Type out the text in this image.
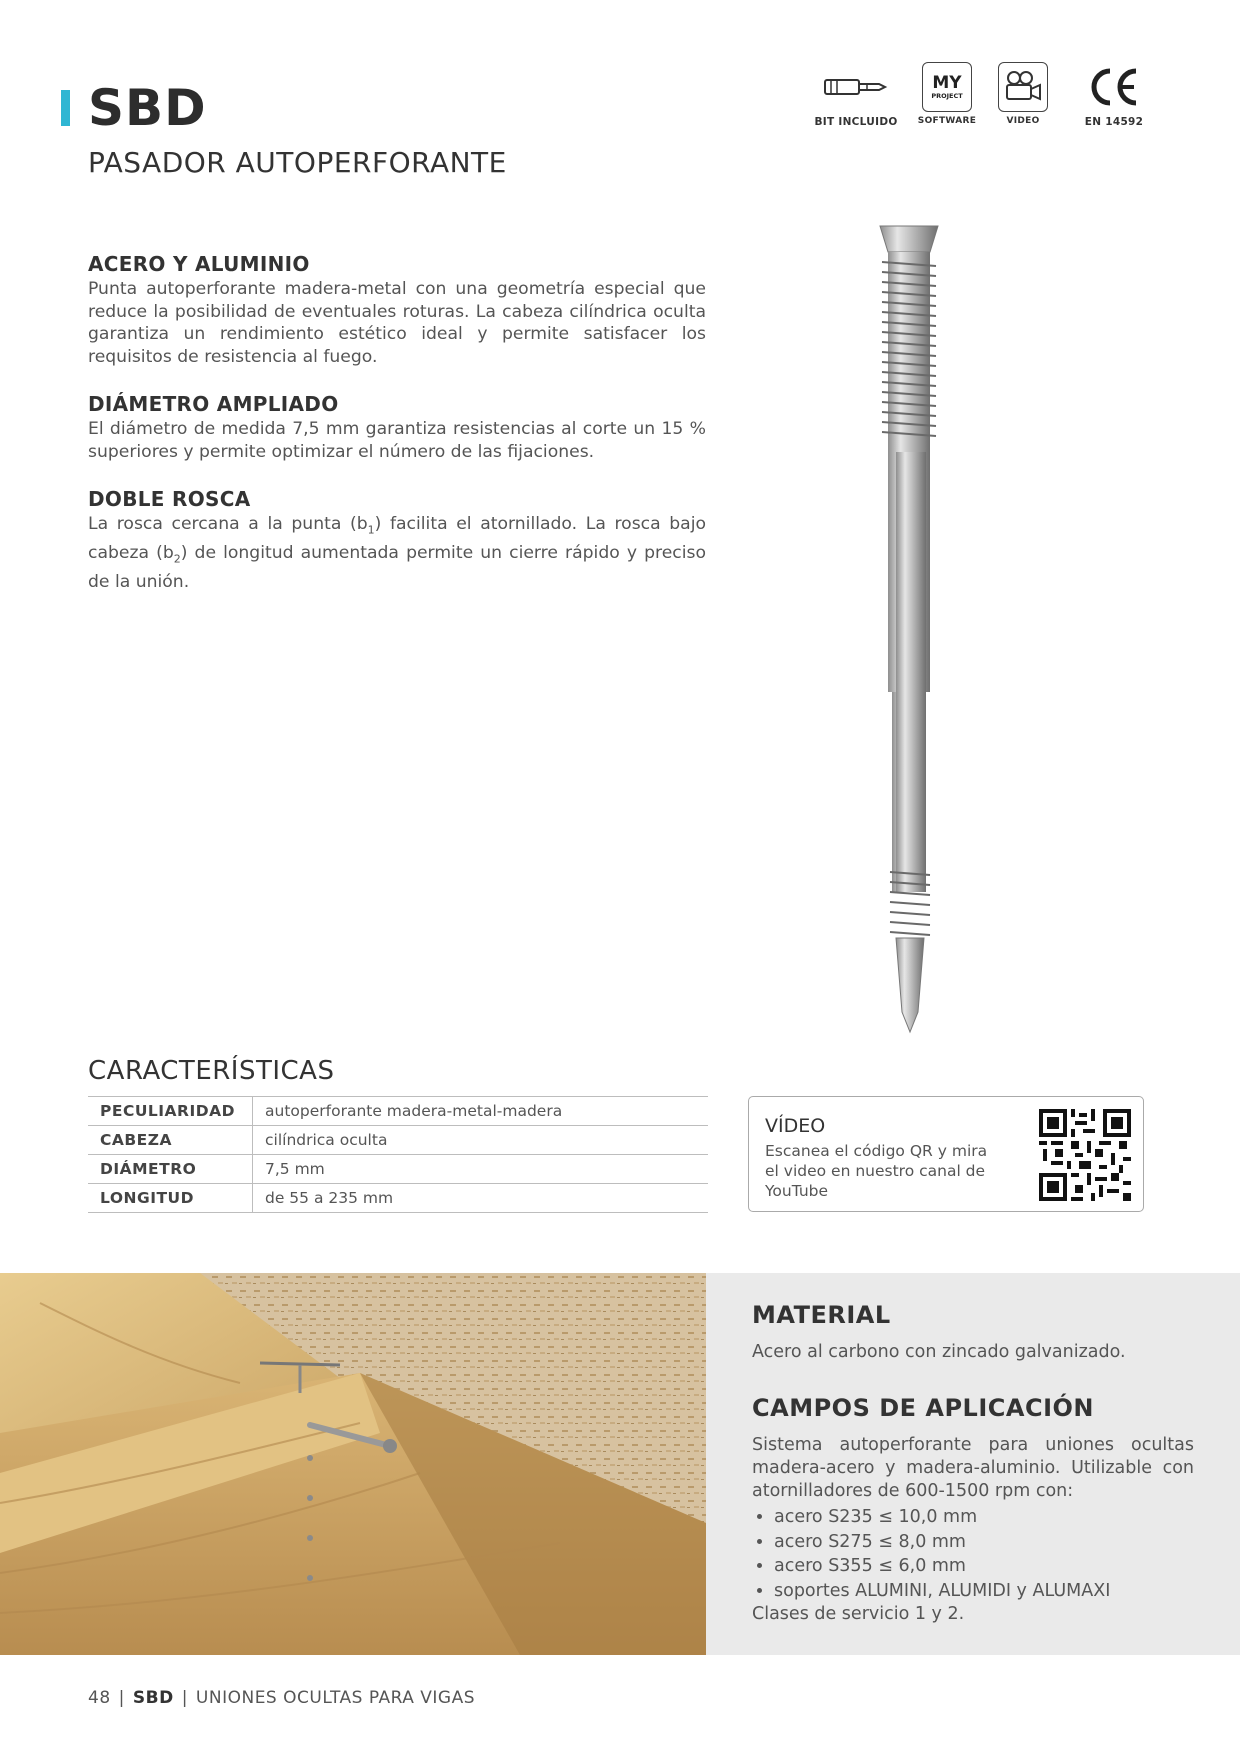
SBD
PASADOR AUTOPERFORANTE
BIT INCLUIDO
MY
PROJECT
SOFTWARE	VIDEO	EN 14592
ACERO Y ALUMINIO

Punta autoperforante madera-metal con una geometría especial que reduce la posibilidad de eventuales roturas. La cabeza cilíndrica oculta garantiza un rendimiento estético ideal y permite satisfacer los requisitos de resistencia al fuego.

DIÁMETRO AMPLIADO

El diámetro de medida 7,5 mm garantiza resistencias al corte un 15 % superiores y permite optimizar el número de las fijaciones.

DOBLE ROSCA

La rosca cercana a la punta $(b_1)$ facilita el atornillado. La rosca bajo cabeza $(b_2)$ de longitud aumentada permite un cierre rápido y preciso de la unión.

CARACTERÍSTICAS
PECULIARIDAD	autoperforante madera-metal-madera
CABEZA	cilíndrica oculta
DIÁMETRO	7,5 mm
LONGITUD	de 55 a 235 mm
VÍDEO
Escanea el código QR y mira el video en nuestro canal de YouTube
MATERIAL

Acero al carbono con zincado galvanizado.

CAMPOS DE APLICACIÓN

Sistema autoperforante para uniones ocultas madera-acero y madera-aluminio. Utilizable con atornilladores de 600-1500 rpm con:

• acero S235 ≤ 10,0 mm
• acero S275 ≤ 8,0 mm
• acero S355 ≤ 6,0 mm
• soportes ALUMINI, ALUMIDI y ALUMAXI

Clases de servicio 1 y 2.

48 | SBD | UNIONES OCULTAS PARA VIGAS
